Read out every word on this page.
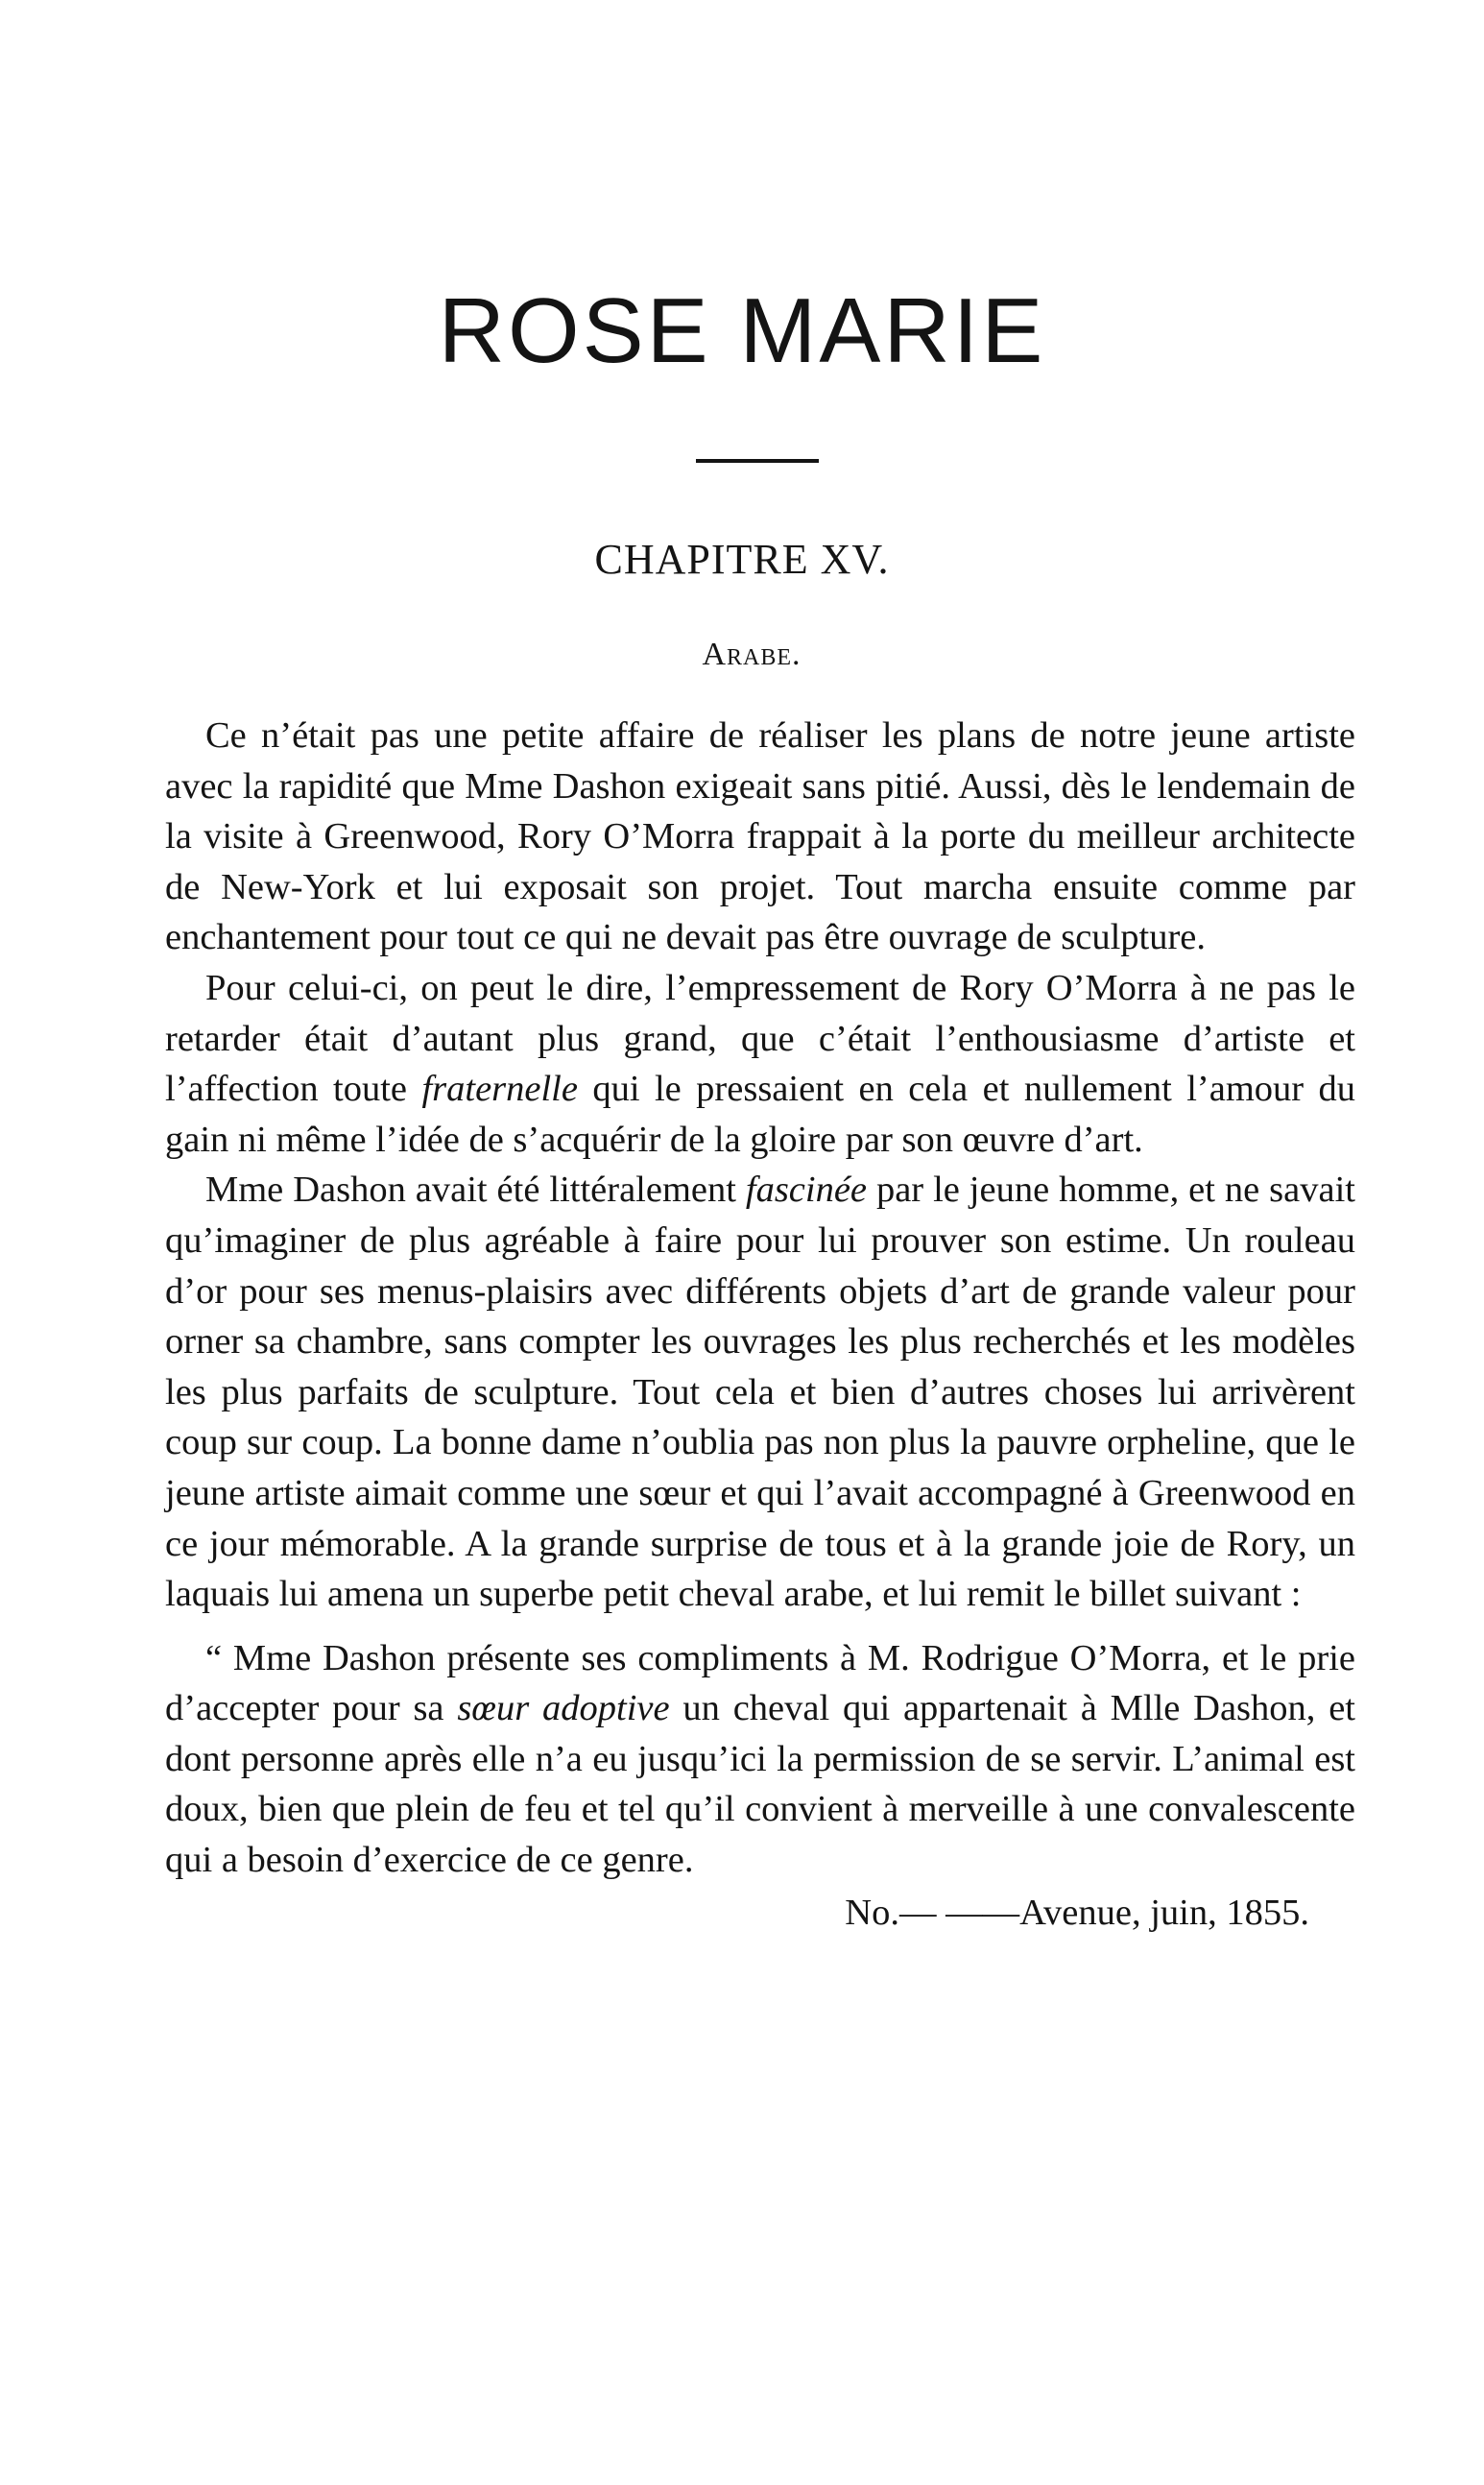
ROSE MARIE
CHAPITRE XV.
Arabe.

Ce n’était pas une petite affaire de réaliser les plans de notre jeune artiste avec la rapidité que Mme Dashon exigeait sans pitié. Aussi, dès le lendemain de la visite à Greenwood, Rory O’Morra frappait à la porte du meilleur architecte de New-York et lui exposait son projet. Tout marcha ensuite comme par enchantement pour tout ce qui ne devait pas être ouvrage de sculpture.

Pour celui-ci, on peut le dire, l’empressement de Rory O’Morra à ne pas le retarder était d’autant plus grand, que c’était l’enthousiasme d’artiste et l’affection toute fraternelle qui le pressaient en cela et nullement l’amour du gain ni même l’idée de s’acquérir de la gloire par son œuvre d’art.

Mme Dashon avait été littéralement fascinée par le jeune homme, et ne savait qu’imaginer de plus agréable à faire pour lui prouver son estime. Un rouleau d’or pour ses menus-plaisirs avec différents objets d’art de grande valeur pour orner sa chambre, sans compter les ouvrages les plus recherchés et les modèles les plus parfaits de sculpture. Tout cela et bien d’autres choses lui arrivèrent coup sur coup. La bonne dame n’oublia pas non plus la pauvre orpheline, que le jeune artiste aimait comme une sœur et qui l’avait accompagné à Greenwood en ce jour mémorable. A la grande surprise de tous et à la grande joie de Rory, un laquais lui amena un superbe petit cheval arabe, et lui remit le billet suivant :

“ Mme Dashon présente ses compliments à M. Rodrigue O’Morra, et le prie d’accepter pour sa sœur adoptive un cheval qui appartenait à Mlle Dashon, et dont personne après elle n’a eu jusqu’ici la permission de se servir. L’animal est doux, bien que plein de feu et tel qu’il convient à merveille à une convalescente qui a besoin d’exercice de ce genre.

No.— ——Avenue, juin, 1855.
